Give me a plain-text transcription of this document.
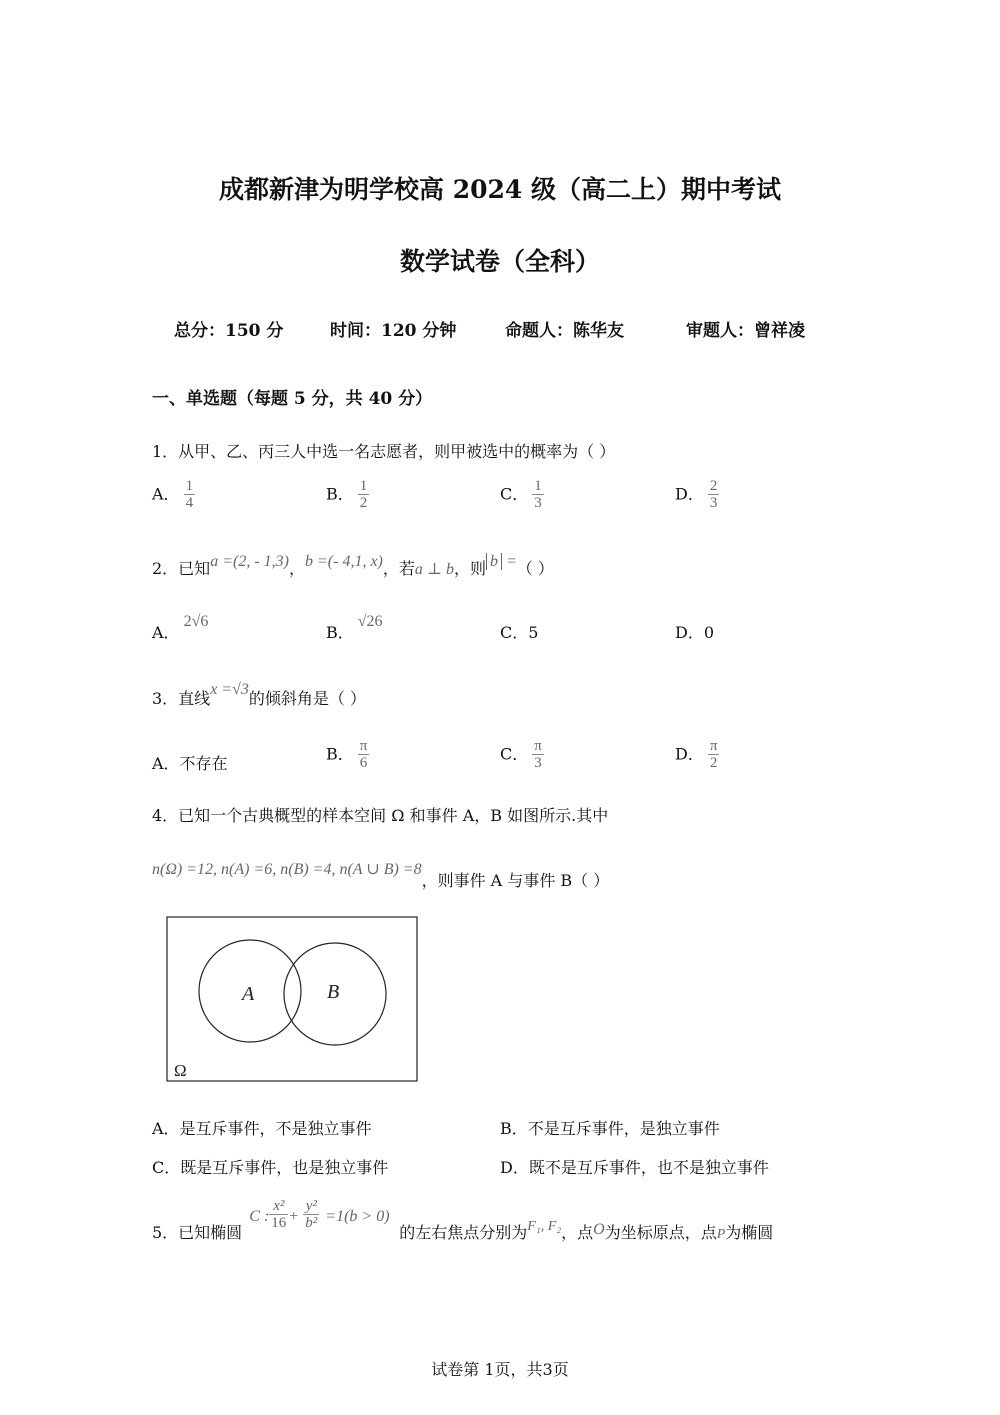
成都新津为明学校高 2024 级（高二上）期中考试
数学试卷（全科）
总分：150 分	时间：120 分钟	命题人：陈华友	审题人：曾祥凌
一、单选题（每题 5 分，共 40 分）
1．从甲、乙、丙三人中选一名志愿者，则甲被选中的概率为（ ）
A． $\frac{1}{4}$	B． $\frac{1}{2}$	C． $\frac{1}{3}$	D． $\frac{2}{3}$
2．已知a =(2, - 1,3)，b =(- 4,1, x)，若a ⊥ b，则 b =（ ）
A．2√6
B．√26
C．5	D．0
3．直线x =√3的倾斜角是（ ）
A．不存在	B． $\frac{\pi}{6}$	C． $\frac{\pi}{3}$	D． $\frac{\pi}{2}$
4．已知一个古典概型的样本空间 Ω 和事件 A，B 如图所示.其中
n(Ω) =12, n(A) =6, n(B) =4, n(A ∪ B) =8，则事件 A 与事件 B（ ）
A	B
Ω
A．是互斥事件，不是独立事件	B．不是互斥事件，是独立事件
C．既是互斥事件，也是独立事件	D．既不是互斥事件，也不是独立事件
5．已知椭圆
C : $\frac{\text{x²}}{16} + \frac{\text{y²}}{\text{b²}} =1(b > 0)$
的左右焦点分别为F₁, F₂，点O为坐标原点，点P为椭圆
试卷第 1页，共3页
